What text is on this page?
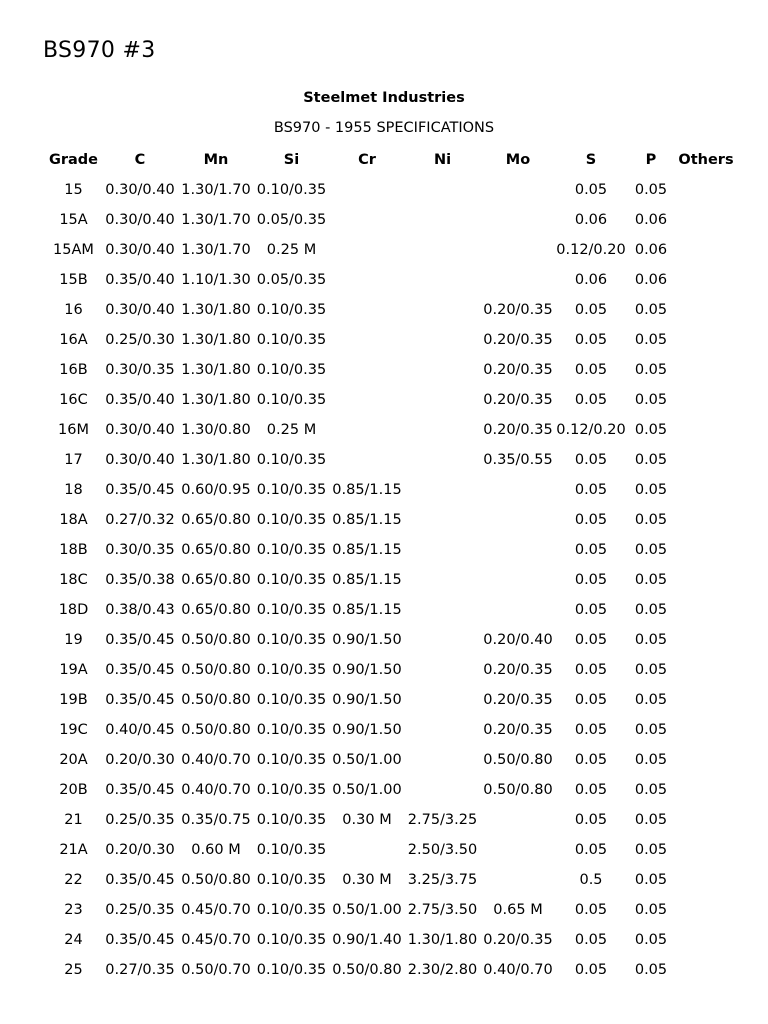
BS970 #3
Steelmet Industries
BS970 - 1955 SPECIFICATIONS
Grade	C	Mn	Si	Cr	Ni	Mo	S	P	Others
15	0.30/0.40	1.30/1.70	0.10/0.35				0.05	0.05	
15A	0.30/0.40	1.30/1.70	0.05/0.35				0.06	0.06	
15AM	0.30/0.40	1.30/1.70	0.25 M				0.12/0.20	0.06	
15B	0.35/0.40	1.10/1.30	0.05/0.35				0.06	0.06	
16	0.30/0.40	1.30/1.80	0.10/0.35			0.20/0.35	0.05	0.05	
16A	0.25/0.30	1.30/1.80	0.10/0.35			0.20/0.35	0.05	0.05	
16B	0.30/0.35	1.30/1.80	0.10/0.35			0.20/0.35	0.05	0.05	
16C	0.35/0.40	1.30/1.80	0.10/0.35			0.20/0.35	0.05	0.05	
16M	0.30/0.40	1.30/0.80	0.25 M			0.20/0.35	0.12/0.20	0.05	
17	0.30/0.40	1.30/1.80	0.10/0.35			0.35/0.55	0.05	0.05	
18	0.35/0.45	0.60/0.95	0.10/0.35	0.85/1.15			0.05	0.05	
18A	0.27/0.32	0.65/0.80	0.10/0.35	0.85/1.15			0.05	0.05	
18B	0.30/0.35	0.65/0.80	0.10/0.35	0.85/1.15			0.05	0.05	
18C	0.35/0.38	0.65/0.80	0.10/0.35	0.85/1.15			0.05	0.05	
18D	0.38/0.43	0.65/0.80	0.10/0.35	0.85/1.15			0.05	0.05	
19	0.35/0.45	0.50/0.80	0.10/0.35	0.90/1.50		0.20/0.40	0.05	0.05	
19A	0.35/0.45	0.50/0.80	0.10/0.35	0.90/1.50		0.20/0.35	0.05	0.05	
19B	0.35/0.45	0.50/0.80	0.10/0.35	0.90/1.50		0.20/0.35	0.05	0.05	
19C	0.40/0.45	0.50/0.80	0.10/0.35	0.90/1.50		0.20/0.35	0.05	0.05	
20A	0.20/0.30	0.40/0.70	0.10/0.35	0.50/1.00		0.50/0.80	0.05	0.05	
20B	0.35/0.45	0.40/0.70	0.10/0.35	0.50/1.00		0.50/0.80	0.05	0.05	
21	0.25/0.35	0.35/0.75	0.10/0.35	0.30 M	2.75/3.25		0.05	0.05	
21A	0.20/0.30	0.60 M	0.10/0.35		2.50/3.50		0.05	0.05	
22	0.35/0.45	0.50/0.80	0.10/0.35	0.30 M	3.25/3.75		0.5	0.05	
23	0.25/0.35	0.45/0.70	0.10/0.35	0.50/1.00	2.75/3.50	0.65 M	0.05	0.05	
24	0.35/0.45	0.45/0.70	0.10/0.35	0.90/1.40	1.30/1.80	0.20/0.35	0.05	0.05	
25	0.27/0.35	0.50/0.70	0.10/0.35	0.50/0.80	2.30/2.80	0.40/0.70	0.05	0.05	
